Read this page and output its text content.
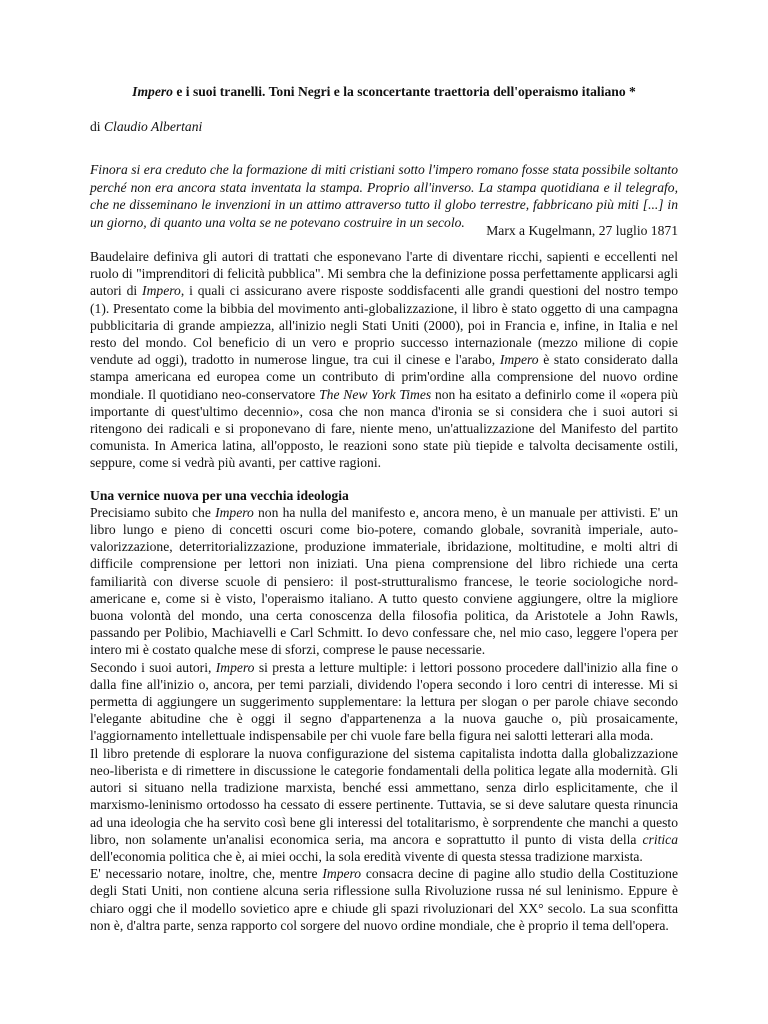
Impero e i suoi tranelli. Toni Negri e la sconcertante traettoria dell'operaismo italiano *
di Claudio Albertani
Finora si era creduto che la formazione di miti cristiani sotto l'impero romano fosse stata possibile soltanto perché non era ancora stata inventata la stampa. Proprio all'inverso. La stampa quotidiana e il telegrafo, che ne disseminano le invenzioni in un attimo attraverso tutto il globo terrestre, fabbricano più miti [...] in un giorno, di quanto una volta se ne potevano costruire in un secolo.
Marx a Kugelmann, 27 luglio 1871

Baudelaire definiva gli autori di trattati che esponevano l'arte di diventare ricchi, sapienti e eccellenti nel ruolo di "imprenditori di felicità pubblica". Mi sembra che la definizione possa perfettamente applicarsi agli autori di Impero, i quali ci assicurano avere risposte soddisfacenti alle grandi questioni del nostro tempo (1). Presentato come la bibbia del movimento anti-globalizzazione, il libro è stato oggetto di una campagna pubblicitaria di grande ampiezza, all'inizio negli Stati Uniti (2000), poi in Francia e, infine, in Italia e nel resto del mondo. Col beneficio di un vero e proprio successo internazionale (mezzo milione di copie vendute ad oggi), tradotto in numerose lingue, tra cui il cinese e l'arabo, Impero è stato considerato dalla stampa americana ed europea come un contributo di prim'ordine alla comprensione del nuovo ordine mondiale. Il quotidiano neo-conservatore The New York Times non ha esitato a definirlo come il «opera più importante di quest'ultimo decennio», cosa che non manca d'ironia se si considera che i suoi autori si ritengono dei radicali e si proponevano di fare, niente meno, un'attualizzazione del Manifesto del partito comunista. In America latina, all'opposto, le reazioni sono state più tiepide e talvolta decisamente ostili, seppure, come si vedrà più avanti, per cattive ragioni.

Una vernice nuova per una vecchia ideologia

Precisiamo subito che Impero non ha nulla del manifesto e, ancora meno, è un manuale per attivisti. E' un libro lungo e pieno di concetti oscuri come bio-potere, comando globale, sovranità imperiale, auto-valorizzazione, deterritorializzazione, produzione immateriale, ibridazione, moltitudine, e molti altri di difficile comprensione per lettori non iniziati. Una piena comprensione del libro richiede una certa familiarità con diverse scuole di pensiero: il post-strutturalismo francese, le teorie sociologiche nord-americane e, come si è visto, l'operaismo italiano. A tutto questo conviene aggiungere, oltre la migliore buona volontà del mondo, una certa conoscenza della filosofia politica, da Aristotele a John Rawls, passando per Polibio, Machiavelli e Carl Schmitt. Io devo confessare che, nel mio caso, leggere l'opera per intero mi è costato qualche mese di sforzi, comprese le pause necessarie.

Secondo i suoi autori, Impero si presta a letture multiple: i lettori possono procedere dall'inizio alla fine o dalla fine all'inizio o, ancora, per temi parziali, dividendo l'opera secondo i loro centri di interesse. Mi si permetta di aggiungere un suggerimento supplementare: la lettura per slogan o per parole chiave secondo l'elegante abitudine che è oggi il segno d'appartenenza a la nuova gauche o, più prosaicamente, l'aggiornamento intellettuale indispensabile per chi vuole fare bella figura nei salotti letterari alla moda.

Il libro pretende di esplorare la nuova configurazione del sistema capitalista indotta dalla globalizzazione neo-liberista e di rimettere in discussione le categorie fondamentali della politica legate alla modernità. Gli autori si situano nella tradizione marxista, benché essi ammettano, senza dirlo esplicitamente, che il marxismo-leninismo ortodosso ha cessato di essere pertinente. Tuttavia, se si deve salutare questa rinuncia ad una ideologia che ha servito così bene gli interessi del totalitarismo, è sorprendente che manchi a questo libro, non solamente un'analisi economica seria, ma ancora e soprattutto il punto di vista della critica dell'economia politica che è, ai miei occhi, la sola eredità vivente di questa stessa tradizione marxista.

E' necessario notare, inoltre, che, mentre Impero consacra decine di pagine allo studio della Costituzione degli Stati Uniti, non contiene alcuna seria riflessione sulla Rivoluzione russa né sul leninismo. Eppure è chiaro oggi che il modello sovietico apre e chiude gli spazi rivoluzionari del XX° secolo. La sua sconfitta non è, d'altra parte, senza rapporto col sorgere del nuovo ordine mondiale, che è proprio il tema dell'opera.
